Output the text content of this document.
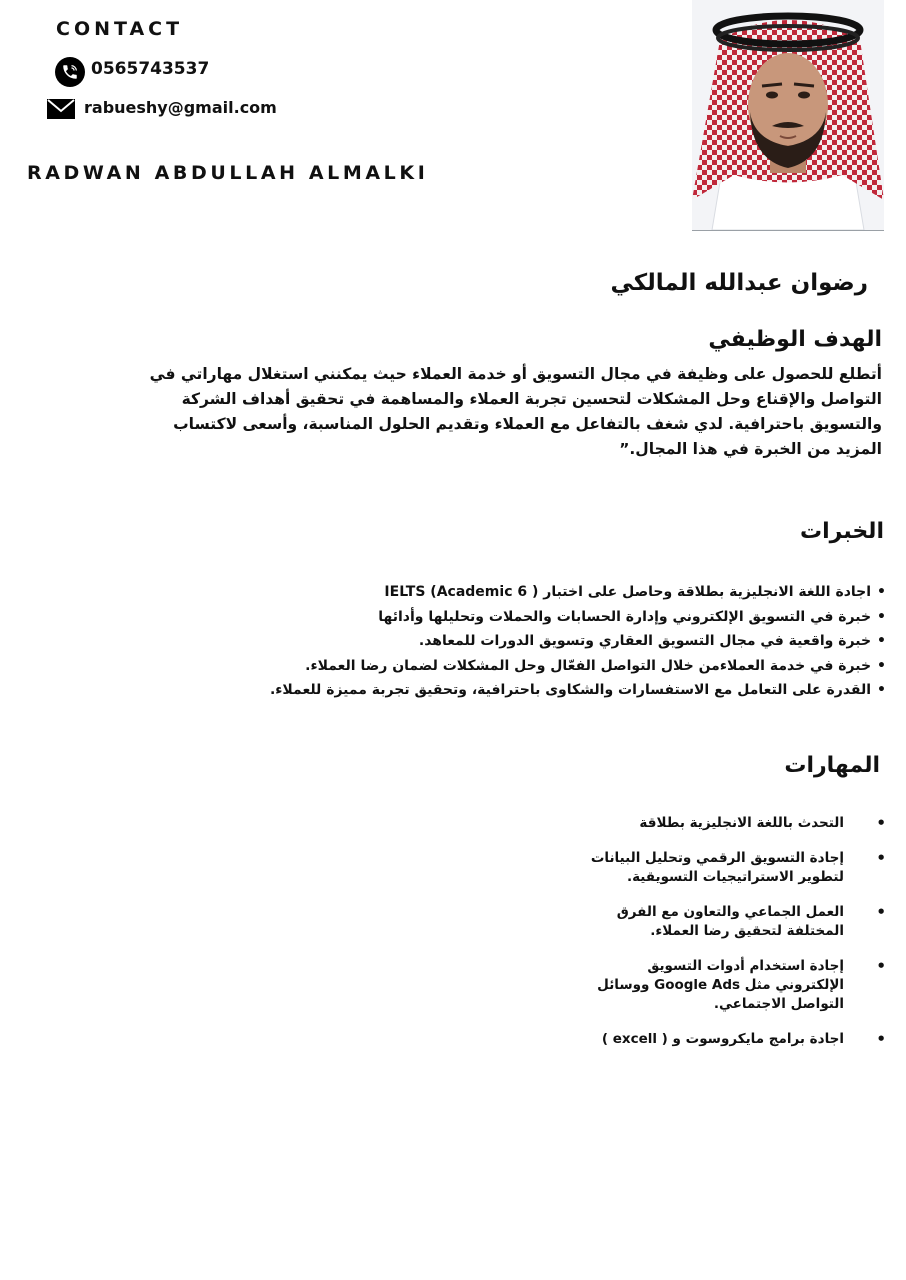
CONTACT
0565743537
rabueshy@gmail.com
RADWAN ABDULLAH ALMALKI
رضوان عبدالله المالكي
الهدف الوظيفي
أتطلع للحصول على وظيفة في مجال التسويق أو خدمة العملاء حيث يمكنني استغلال مهاراتي في التواصل والإقناع وحل المشكلات لتحسين تجربة العملاء والمساهمة في تحقيق أهداف الشركة والتسويق باحترافية. لدي شغف بالتفاعل مع العملاء وتقديم الحلول المناسبة، وأسعى لاكتساب المزيد من الخبرة في هذا المجال.”
الخبرات
• اجادة اللغة الانجليزية بطلاقة وحاصل على اختبار ( IELTS (Academic 6
• خبرة في التسويق الإلكتروني وإدارة الحسابات والحملات وتحليلها وأدائها
• خبرة واقعية في مجال التسويق العقاري وتسويق الدورات للمعاهد.
• خبرة في خدمة العملاءمن خلال التواصل الفعّال وحل المشكلات لضمان رضا العملاء.
• القدرة على التعامل مع الاستفسارات والشكاوى باحترافية، وتحقيق تجربة مميزة للعملاء.
المهارات
• التحدث باللغة الانجليزية بطلاقة
• إجادة التسويق الرقمي وتحليل البيانات لتطوير الاستراتيجيات التسويقية.
• العمل الجماعي والتعاون مع الفرق المختلفة لتحقيق رضا العملاء.
• إجادة استخدام أدوات التسويق الإلكتروني مثل Google Ads ووسائل التواصل الاجتماعي.
• اجادة برامج مايكروسوت و ( excell )
